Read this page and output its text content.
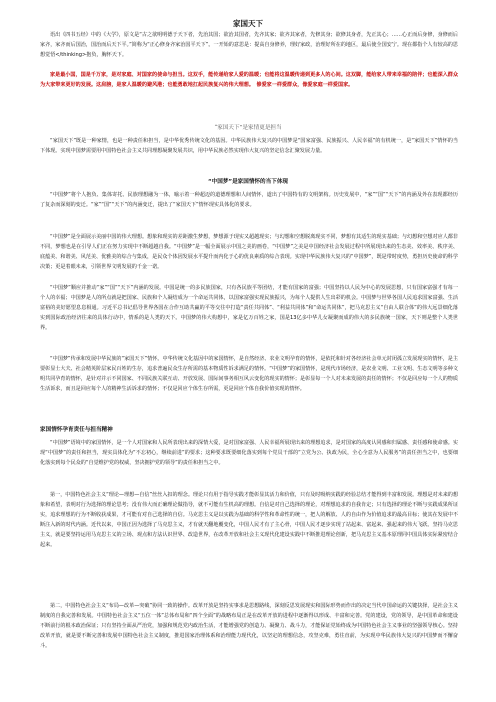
家国天下

语出《四书五经》中的《大学》，原文是“古之欲明明德于天下者，先治其国；欲治其国者，先齐其家；欲齐其家者，先修其身；欲修其身者，先正其心；……心正而后身修，身修而后家齐，家齐而后国治，国治而后天下平。”简称为“正心修身齐家治国平天下”。一开始的意思是：提高自身修养，理好家政，治理好所在的地区，最后使全国安宁。现在都指个人有较高的思想觉悟</thinking>抱负，胸怀天下。

家是最小国，国是千万家，是对家庭、对国家的使命与担当。这双手，能传递给家人爱的温暖；也能将这温暖传递到更多人的心间。这双脚，能给家人带来幸福的陪伴；也能深入群众为大家带来更好的发展。这肩膀，是家人温暖的避风港；也能勇敢地扛起民族复兴的伟大理想。　修爱家一样爱群众，像爱家庭一样爱国家。

“家国天下”是家情更是担当

“家国天下”既是一种家情，也是一种责任和担当，是中华优秀传统文化的基因。中华民族伟大复兴的中国梦是“国家富强、民族振兴、人民幸福”的有机统一，是“家国天下”情怀的当下体现。实现中国梦需要用中国特色社会主义共同理想凝聚发展共识，用中华民族必然实现伟大复兴的坚定信念汇聚发展力量。

“中国梦”是家国情怀的当下体现

“中国梦”将个人抱负、集体寄托、民族理想融为一体，喻示着一种超迈的道德理想和人间情怀，道出了中国特有的文明架构。历史发展中，“家”“国”“天下”的内涵及外在表现都经历了复杂而深刻的变迁。“家”“国”“天下”的内涵变迁，提出了“家国天下”情怀现实具体化的要求。

“中国梦”是全面展示美丽中国的伟大理想。想象和现实的差距激生梦想，梦想源于现实又超越现实；与幻想和空想脱离现实不同，梦想有其适生的现实基础；与幻想和空想对应人都非不同，梦想也是在引导人们正在努力实现中不断超越自我。“中国梦”是一幅全面展示中国之美的画卷，“中国梦”之美是中国经济社会发展过程中所展现出来的生态美、效率美、秩序美、底蕴美、和谐美、风范美、优雅美的综合与集成，是民众个体因发展水平提升而内化于心的优良素质的综合表现。实现中华民族伟大复兴的“中国梦”，既是带时度势，勇担历史使命的科学决策；更是着眼未来，引领世界文明发展的千金一诺。

“中国梦”顺应并推动“家”“国”“天下”内涵的发展。中国是统一的多民族国家，只有各民族平等团结，才能有国家的富强；中国坚持以人民为中心的发展思想，只有国家富强才有每一个人的幸福；中国梦是人的所点就是把国家、民族和个人凝结成为一个命运共同体，以国家富强实现民族振兴，为每个人提供人生出彩的机会。中国梦与世界各国人民追求国家富强、生活富裕的美好愿望息息相通。习近平总书记倡导世界各国在合作互助共赢的平等交往中打造“责任共同体”、“利益共同体”和“命运共同体”，把马克思主义“自由人联合体”的伟大远景细化落实到国际政治经济往来的具体行动中，情系的是人类的天下。中国梦的伟大构想中，家是亿万百姓之家，国是13亿多中华儿女凝聚而成的伟大的多民族统一国家，天下则是整个人类世界。

“中国梦”传承和发展中华民族的“家国天下”情怀。中华传统文化基因中的家国情怀，是自然经济、农业文明孕育的情怀，是依托和针对各经济社会单元封闭孤立发展现实的情怀，是主要彰显士大夫、社会精英阶层家民百姓的生存，追求普遍民众生存所需的基本物质性诉求满足的情怀。“中国梦”的家国情怀，是现代市场经济，是农业文明、工业文明、生态文明等多种文明共同孕育的情怀，是针对并示不同国家、不同民族关联互动、开放发展、国际间事务相互风云变化的现实的情怀；是彰显每一个人对未来发展的责任的情怀；不仅是回应每一个人的物质生活诉求，而且是回应每个人的精神生活诉求的情怀；不仅是回应个体生存所需，更是回应个体自我价值实现的情怀。

家国情怀孕育责任与担当精神

“中国梦”语境中的家国情怀，是一个人对国家和人民所表现出来的深情大爱，是对国家富强、人民幸福所展现出来的理想追求，是对国家的高度认同感和归属感、责任感和使命感。实现“中国梦”的责任和担当，现实具体化为“不忘初心，继续前进”的要求；这种要求既要细化落实到每个党员干部的“立党为公、执政为民，全心全意为人民服务”的责任担当之中，也要细化落实到每个民众的“自觉维护党的权威，坚决拥护党的领导”的责任和担当之中。

第一，中国特色社会主义“理论—理想—自信”丝丝入扣的理念。理论只有用于指导实践才能彰显其活力和价值，只有及时吸纳实践的经验总结才能得到丰富和发展。理想是对未来的想象和希望，表明对行为选择的理论思考；没有伟大而正确理论做指导，就不可能有生机高的理想。自信是对自己选择的理论，对理想追求的自我肯定；只有选择的理论不断与实践成果所证实，追求理想的行为不断收获成果，才可能有对自己选择的自信。马克思主义是以实践为基础的科学性和革命性的统一，把人的解放、人的自由作为价值追求的最高目标；使其在发展中不断注入新的时代内涵。近代以来，中国正因为选择了马克思主义，才有就天翻地覆变化，中国人民才有了主心骨，中国人民才逐步实现了站起来、富起来、强起来的伟大飞跃。坚持马克思主义，就是要坚持运用马克思主义的立场、观点和方法认识世界、改造世界，在改革开放和社会主义现代化建设实践中不断推进理论创新，把马克思主义基本原理同中国具体实际紧密结合起来。

第二，中国特色社会主义“布局—改革—突破”协同一致的操作。改革开放是坚持实事求是思想路线，深刻反思发展现实和国际形势而作出的决定当代中国命运的关键抉择，是社会主义制度的自我完善和发展。中国特色社会主义“五位一体”总体布局和“四个全面”的战略布局正是在改革开放的进程中逐渐得以形成、丰富和完善。党的建设，党的领导，是中国革命和建设不断前行的根本政治保证；只有坚持全面从严治党，加强和规范党内政治生活，才能增强党的创造力、凝聚力、战斗力，才能保证党始终成为中国特色社会主义事业的坚强领导核心。坚持改革开放，就是要不断完善和发展中国特色社会主义制度，推进国家治理体系和治理能力现代化，以坚定的理想信念，攻坚克难，勇往直前，为实现中华民族伟大复兴的中国梦而不懈奋斗。
